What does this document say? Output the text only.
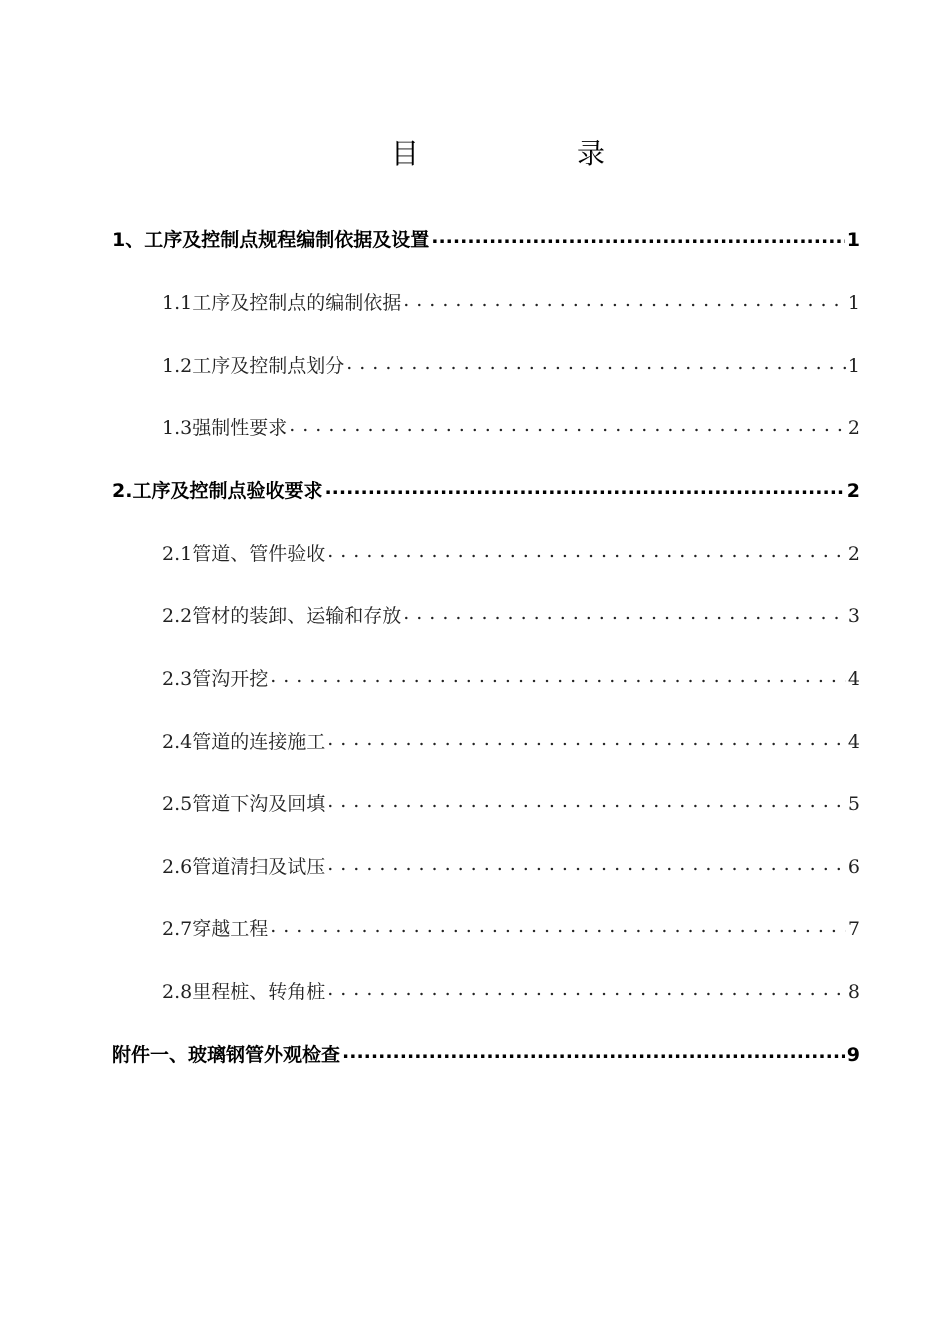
目	录
1、工序及控制点规程编制依据及设置 .....	1
1.1工序及控制点的编制依据 .....	1
1.2工序及控制点划分 .....	1
1.3强制性要求 .....	2
2.工序及控制点验收要求 .....	2
2.1管道、管件验收 .....	2
2.2管材的装卸、运输和存放 .....	3
2.3管沟开挖 .....	4
2.4管道的连接施工 .....	4
2.5管道下沟及回填 .....	5
2.6管道清扫及试压 .....	6
2.7穿越工程 .....	7
2.8里程桩、转角桩 .....	8
附件一、玻璃钢管外观检查 .....	9
